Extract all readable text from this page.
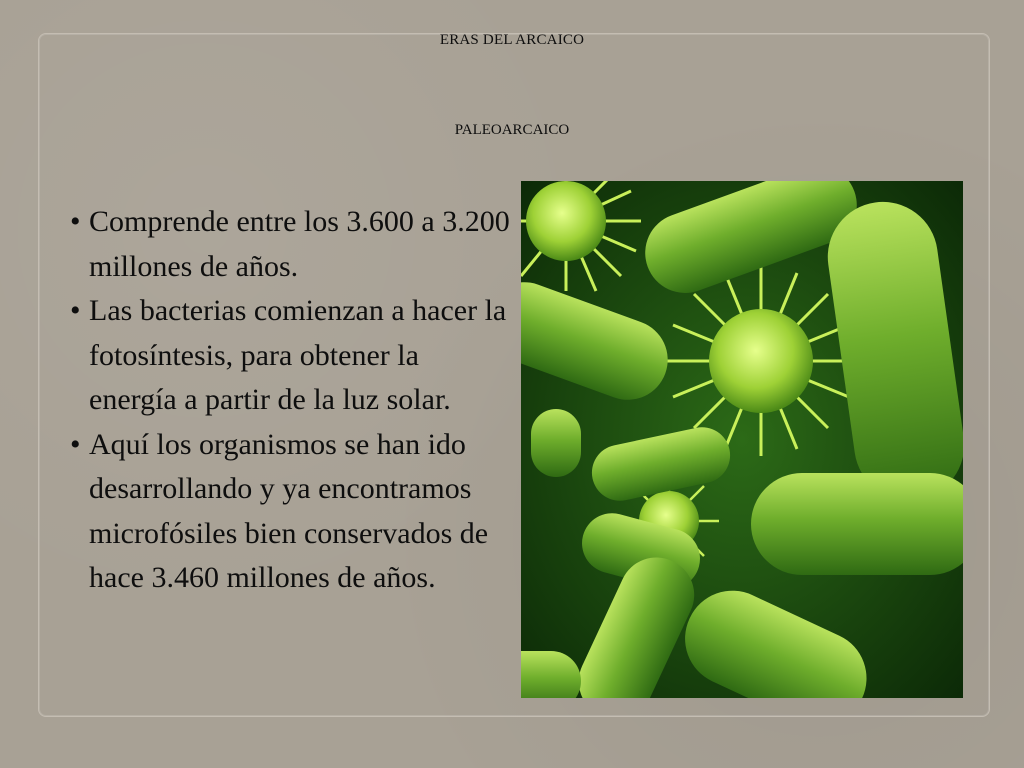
ERAS DEL ARCAICO
PALEOARCAICO
• Comprende entre los 3.600 a 3.200 millones de años.
• Las bacterias comienzan a hacer la fotosíntesis, para obtener la energía a partir de la luz solar.
• Aquí los organismos se han ido desarrollando y ya encontramos microfósiles bien conservados de hace 3.460 millones de años.
